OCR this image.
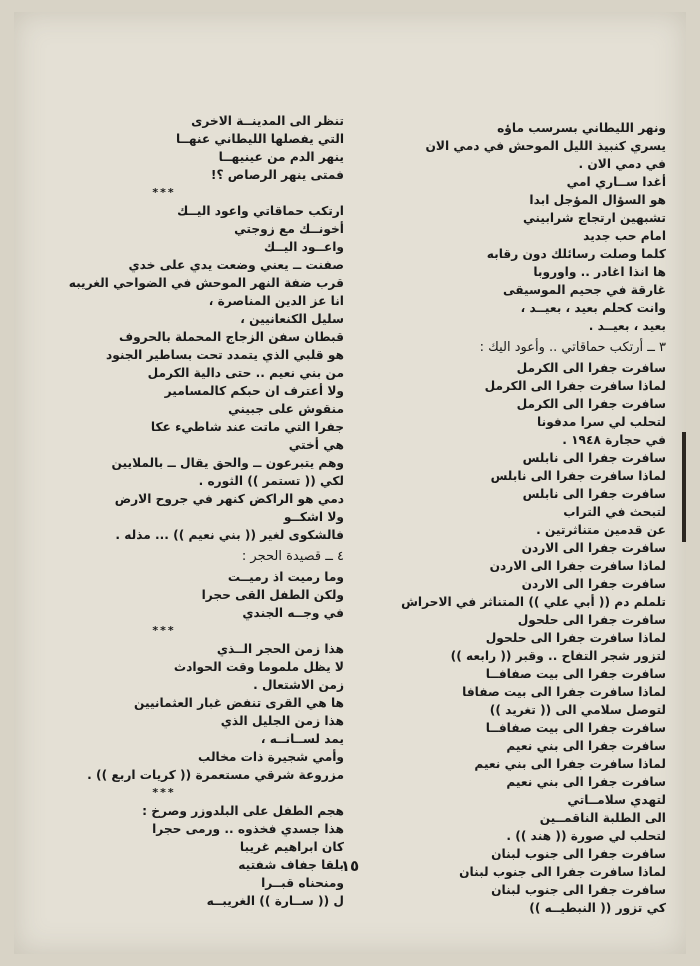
ونهر الليطاني بسرسب ماؤه
يسري كنبيذ الليل الموحش في دمي الان
في دمي الان .
أغدا ســاري امي
هو السؤال المؤجل ابدا
تشبهين ارتجاج شرابيني
امام حب جديد
كلما وصلت رسائلك دون رقابه
ها انذا اغادر .. واوروبا
غارقة في جحيم الموسيقى
وانت كحلم بعيد ، بعيــد ،
بعيد ، بعيــد .
٣ ــ أرتكب حماقاتي .. وأعود اليك :
سافرت جفرا الى الكرمل
لماذا سافرت جفرا الى الكرمل
سافرت جفرا الى الكرمل
لتحلب لي سرا مدفونا
في حجارة ١٩٤٨ .
سافرت جفرا الى نابلس
لماذا سافرت جفرا الى نابلس
سافرت جفرا الى نابلس
لتبحث في التراب
عن قدمين متناثرتين .
سافرت جفرا الى الاردن
لماذا سافرت جفرا الى الاردن
سافرت جفرا الى الاردن
تلملم دم (( أبي علي )) المتناثر في الاحراش
سافرت جفرا الى حلحول
لماذا سافرت جفرا الى حلحول
لتزور شجر التفاح .. وقبر (( رابعه ))
سافرت جفرا الى بيت صفافــا
لماذا سافرت جفرا الى بيت صفافا
لتوصل سلامي الى (( تغريد ))
سافرت جفرا الى بيت صفافــا
سافرت جفرا الى بني نعيم
لماذا سافرت جفرا الى بني نعيم
سافرت جفرا الى بني نعيم
لتهدي سلامــاتي
الى الطلبة الناقمــين
لتحلب لي صورة (( هند )) .
سافرت جفرا الى جنوب لبنان
لماذا سافرت جفرا الى جنوب لبنان
سافرت جفرا الى جنوب لبنان
كي تزور (( النبطيــه ))
تنظر الى المدينــة الاخرى
التي يفصلها الليطاني عنهــا
ينهر الدم من عينيهــا
فمتى ينهر الرصاص ؟!
***
ارتكب حماقاتي واعود اليــك
أخونــك مع زوجتي
واعــود اليــك
صفنت ــ يعني وضعت يدي على خدي
قرب ضفة النهر الموحش في الضواحي الغريبه
انا عز الدين المناصرة ،
سليل الكنعانيين ،
قبطان سفن الزجاج المحملة بالحروف
هو قلبي الذي يتمدد تحت بساطير الجنود
من بني نعيم .. حتى دالية الكرمل
ولا أعترف ان حبكم كالمسامير
منقوش على جبيني
جفرا التي ماتت عند شاطيء عكا
هي أختي
وهم يتبرعون ــ والحق يقال ــ بالملايين
لكي (( تستمر )) الثوره .
دمي هو الراكض كنهر في جروح الارض
ولا اشكــو
فالشكوى لغير (( بني نعيم )) ... مذله .
٤ ــ قصيدة الحجر :
وما رميت اذ رميــت
ولكن الطفل القى حجرا
في وجــه الجندي
***
هذا زمن الحجر الــذي
لا يظل ملموما وقت الحوادث
زمن الاشتعال .
ها هي القرى تنفض غبار العثمانيين
هذا زمن الجليل الذي
يمد لســانــه ،
وأمي شجيرة ذات مخالب
مزروعة شرقي مستعمرة (( كريات اربع )) .
***
هجم الطفل على البلدوزر وصرخ :
هذا جسدي فخذوه .. ورمى حجرا
كان ابراهيم غريبا
بلقا جفاف شفتيه
ومنحناه قبــرا
ل (( ســارة )) الغريبــه
١٥
